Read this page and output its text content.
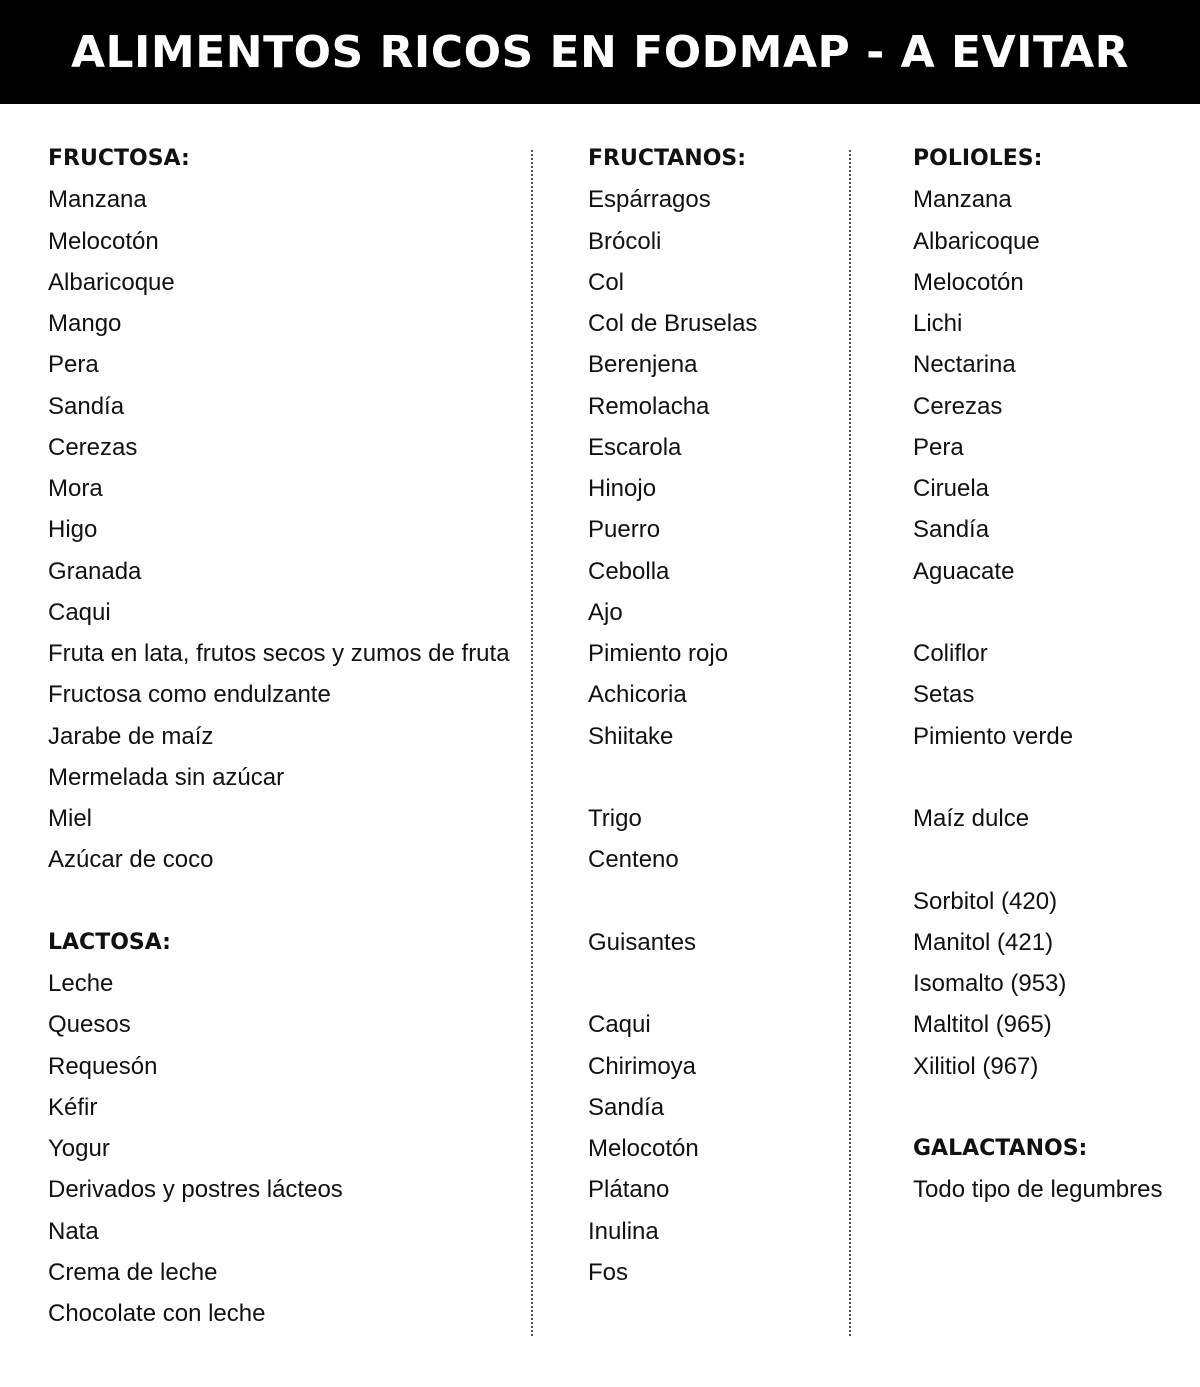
ALIMENTOS RICOS EN FODMAP - A EVITAR
FRUCTOSA:
Manzana
Melocotón
Albaricoque
Mango
Pera
Sandía
Cerezas
Mora
Higo
Granada
Caqui
Fruta en lata, frutos secos y zumos de fruta
Fructosa como endulzante
Jarabe de maíz
Mermelada sin azúcar
Miel
Azúcar de coco
LACTOSA:
Leche
Quesos
Requesón
Kéfir
Yogur
Derivados y postres lácteos
Nata
Crema de leche
Chocolate con leche
FRUCTANOS:
Espárragos
Brócoli
Col
Col de Bruselas
Berenjena
Remolacha
Escarola
Hinojo
Puerro
Cebolla
Ajo
Pimiento rojo
Achicoria
Shiitake
Trigo
Centeno
Guisantes
Caqui
Chirimoya
Sandía
Melocotón
Plátano
Inulina
Fos
POLIOLES:
Manzana
Albaricoque
Melocotón
Lichi
Nectarina
Cerezas
Pera
Ciruela
Sandía
Aguacate
Coliflor
Setas
Pimiento verde
Maíz dulce
Sorbitol (420)
Manitol (421)
Isomalto (953)
Maltitol (965)
Xilitiol (967)
GALACTANOS:
Todo tipo de legumbres
